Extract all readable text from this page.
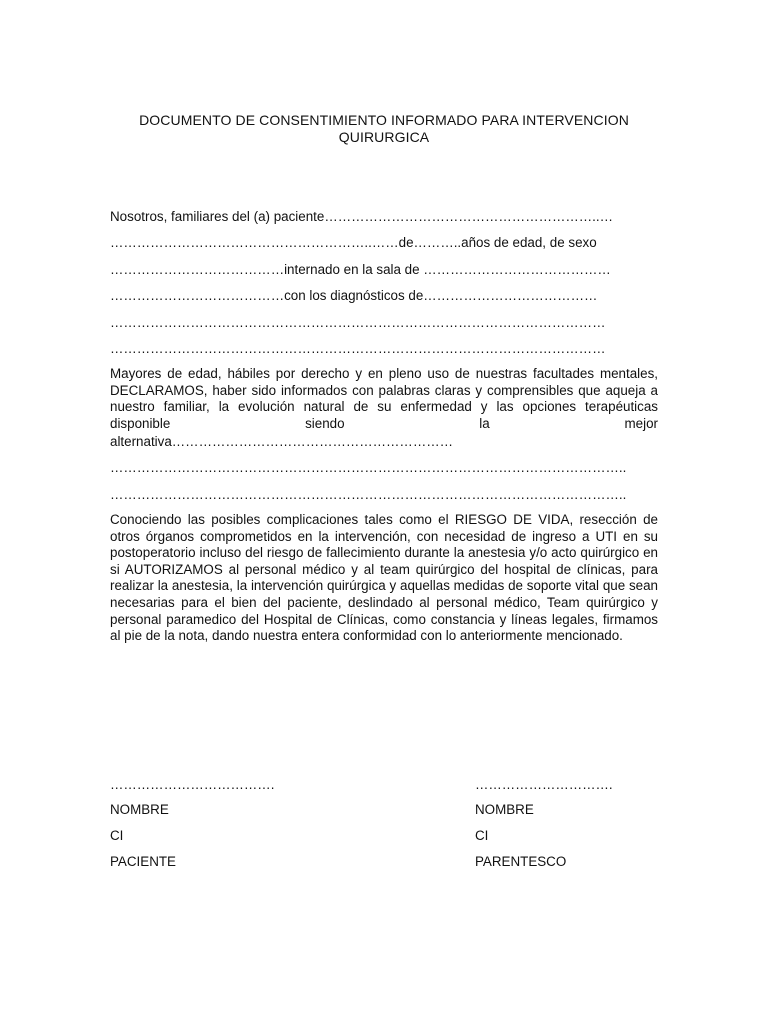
DOCUMENTO DE CONSENTIMIENTO INFORMADO PARA INTERVENCION QUIRURGICA
Nosotros, familiares del (a) paciente……………………………………………………..…
…………………………………………………..……de………..años de edad, de sexo
…………………………………internado en la sala de ……………………………………
…………………………………con los diagnósticos de…………………………………
…………………………………………………………………………………………………
…………………………………………………………………………………………………
Mayores de edad, hábiles por derecho y en pleno uso de nuestras facultades mentales, DECLARAMOS, haber sido informados con palabras claras y comprensibles que aqueja a nuestro familiar, la evolución natural de su enfermedad y las opciones terapéuticas disponible siendo la mejor
alternativa………………………………………………………
……………………………………………………………………………………………………..
……………………………………………………………………………………………………..
Conociendo las posibles complicaciones tales como el RIESGO DE VIDA, resección de otros órganos comprometidos en la intervención, con necesidad de ingreso a UTI en su postoperatorio incluso del riesgo de fallecimiento durante la anestesia y/o acto quirúrgico en si AUTORIZAMOS al personal médico y al team quirúrgico del hospital de clínicas, para realizar la anestesia, la intervención quirúrgica y aquellas medidas de soporte vital que sean necesarias para el bien del paciente, deslindado al personal médico, Team quirúrgico y personal paramedico del Hospital de Clínicas, como constancia y líneas legales, firmamos al pie de la nota, dando nuestra entera conformidad con lo anteriormente mencionado.
……………………………….
NOMBRE
CI
PACIENTE
………………………….
NOMBRE
CI
PARENTESCO
